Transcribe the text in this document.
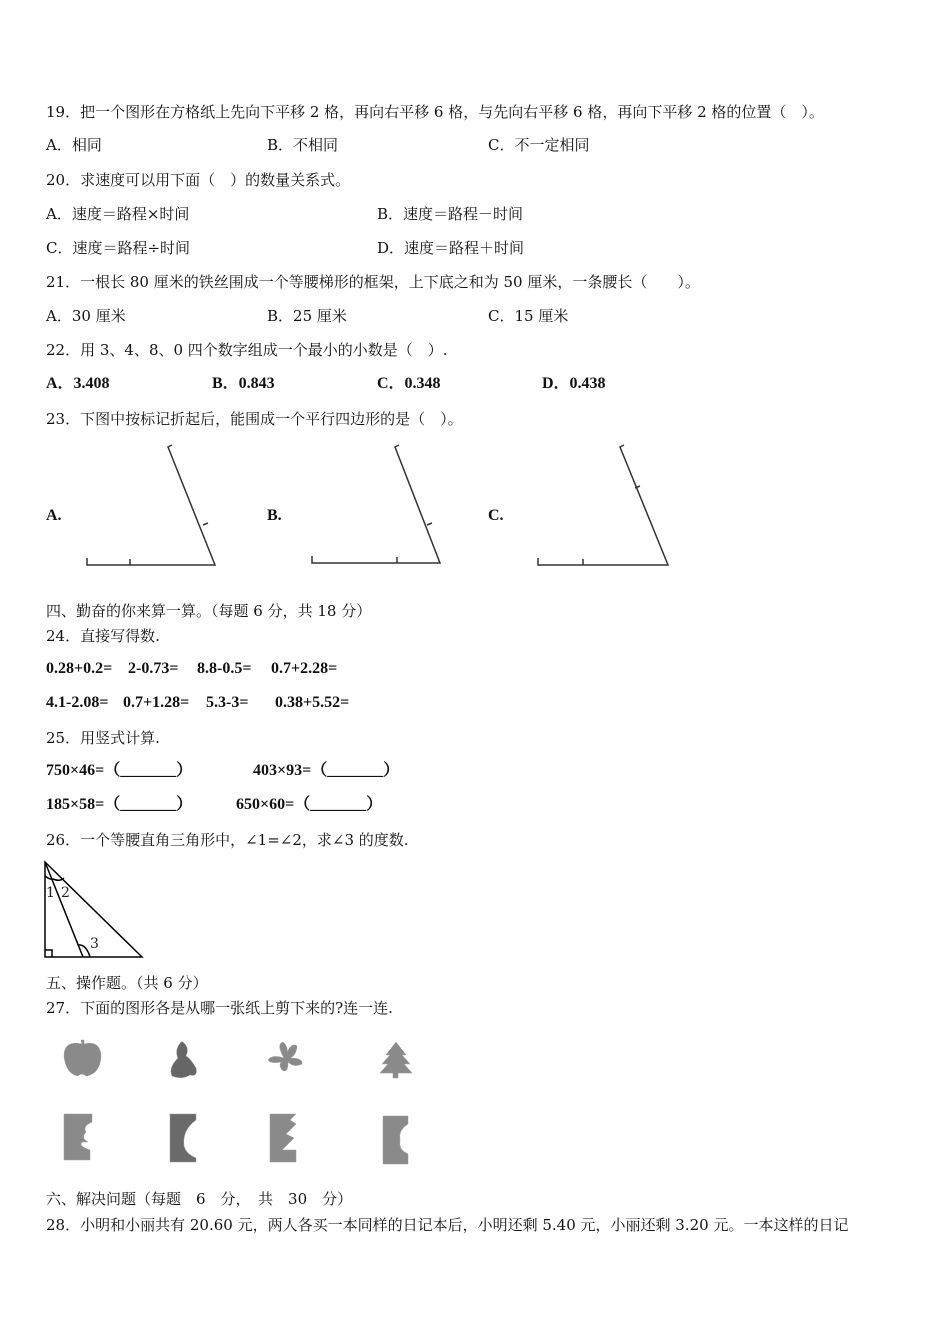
19．把一个图形在方格纸上先向下平移 2 格，再向右平移 6 格，与先向右平移 6 格，再向下平移 2 格的位置（　）。
A．相同	B．不相同	C．不一定相同
20．求速度可以用下面（　）的数量关系式。
A．速度＝路程×时间	B．速度＝路程－时间
C．速度＝路程÷时间	D．速度＝路程＋时间
21．一根长 80 厘米的铁丝围成一个等腰梯形的框架，上下底之和为 50 厘米，一条腰长（　　）。
A．30 厘米	B．25 厘米	C．15 厘米
22．用 3、4、8、0 四个数字组成一个最小的小数是（　）.
A．3.408	B．0.843	C．0.348	D．0.438
23．下图中按标记折起后，能围成一个平行四边形的是（　）。
A.	B.	C.
1 2
3
四、勤奋的你来算一算。（每题 6 分，共 18 分）
24．直接写得数.
0.28+0.2= 2-0.73= 8.8-0.5= 0.7+2.28=
4.1-2.08= 0.7+1.28= 5.3-3= 0.38+5.52=
25．用竖式计算.
750×46=（_______）	403×93=（_______）
185×58=（_______）	650×60=（_______）
26．一个等腰直角三角形中，∠1=∠2，求∠3 的度数.
五、操作题。（共 6 分）
27．下面的图形各是从哪一张纸上剪下来的?连一连.
六、解决问题（每题　6　分，　共　30　分）
28．小明和小丽共有 20.60 元，两人各买一本同样的日记本后，小明还剩 5.40 元，小丽还剩 3.20 元。一本这样的日记
